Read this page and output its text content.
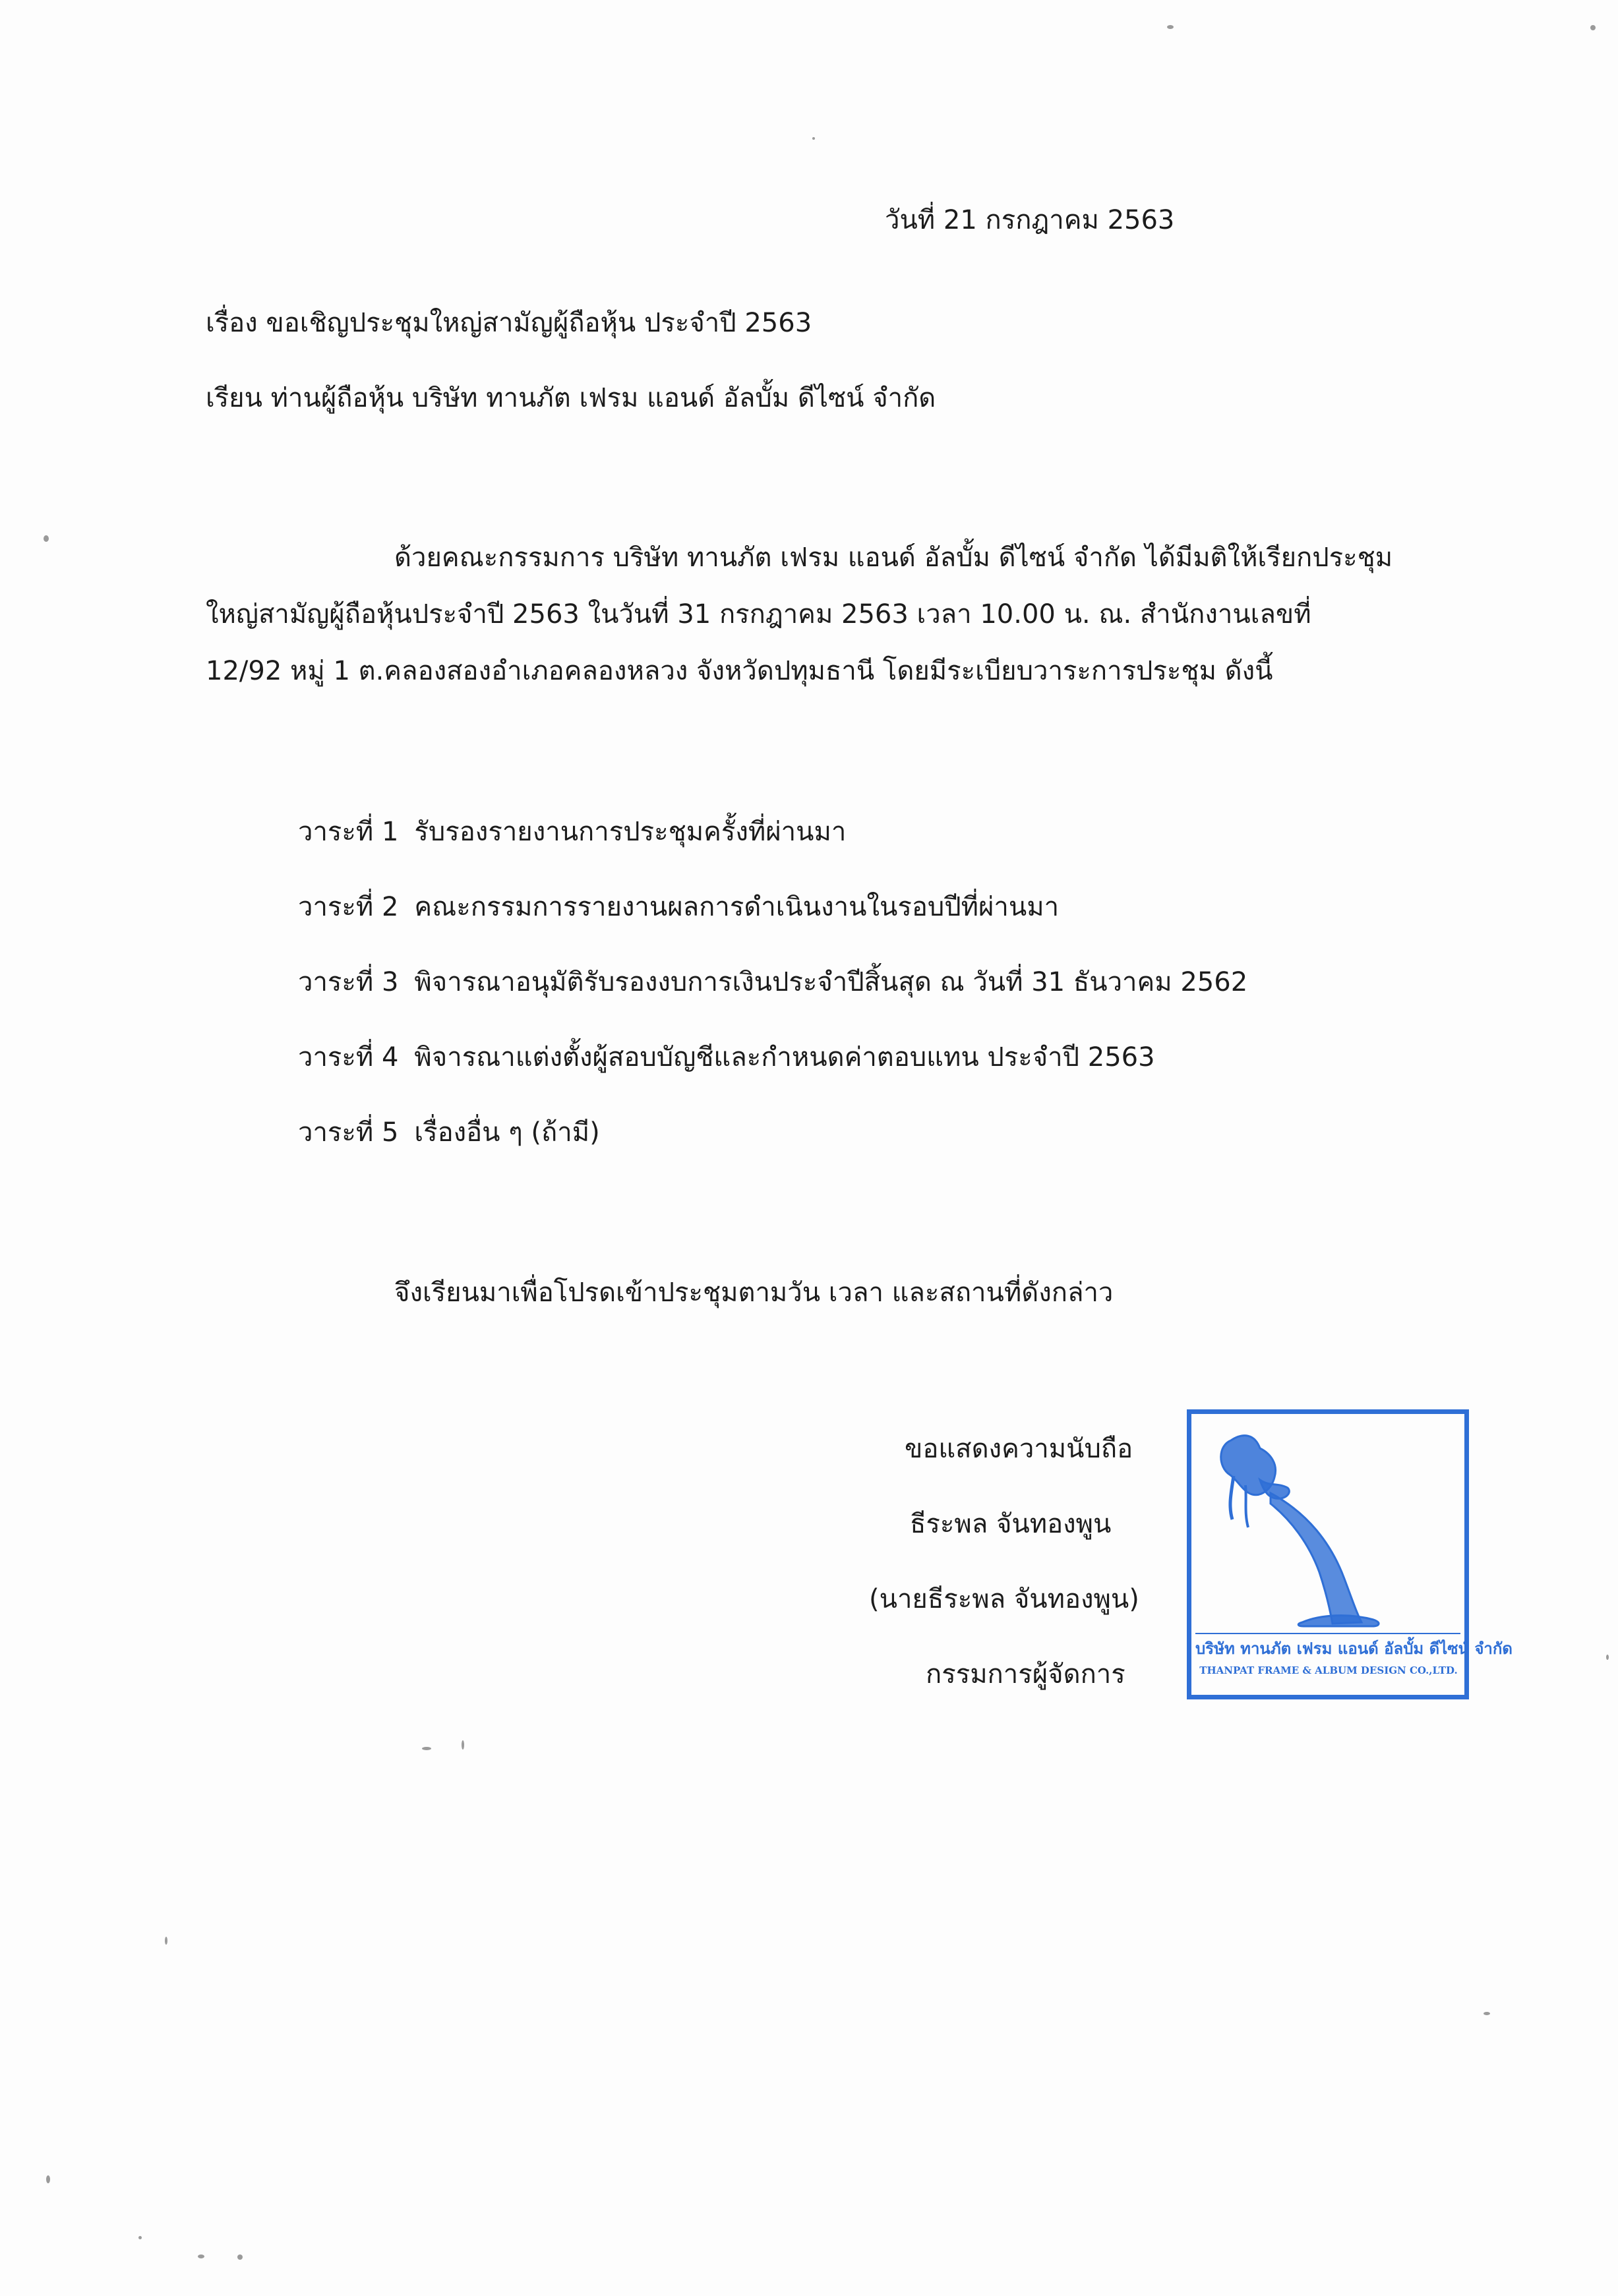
วันที่ 21 กรกฎาคม 2563
เรื่อง ขอเชิญประชุมใหญ่สามัญผู้ถือหุ้น ประจำปี 2563
เรียน ท่านผู้ถือหุ้น บริษัท ทานภัต เฟรม แอนด์ อัลบั้ม ดีไซน์ จำกัด
ด้วยคณะกรรมการ บริษัท ทานภัต เฟรม แอนด์ อัลบั้ม ดีไซน์ จำกัด ได้มีมติให้เรียกประชุม
ใหญ่สามัญผู้ถือหุ้นประจำปี 2563 ในวันที่ 31 กรกฎาคม 2563 เวลา 10.00 น. ณ. สำนักงานเลขที่
12/92 หมู่ 1 ต.คลองสองอำเภอคลองหลวง จังหวัดปทุมธานี โดยมีระเบียบวาระการประชุม ดังนี้
วาระที่ 1 รับรองรายงานการประชุมครั้งที่ผ่านมา
วาระที่ 2 คณะกรรมการรายงานผลการดำเนินงานในรอบปีที่ผ่านมา
วาระที่ 3 พิจารณาอนุมัติรับรองงบการเงินประจำปีสิ้นสุด ณ วันที่ 31 ธันวาคม 2562
วาระที่ 4 พิจารณาแต่งตั้งผู้สอบบัญชีและกำหนดค่าตอบแทน ประจำปี 2563
วาระที่ 5 เรื่องอื่น ๆ (ถ้ามี)
จึงเรียนมาเพื่อโปรดเข้าประชุมตามวัน เวลา และสถานที่ดังกล่าว
ขอแสดงความนับถือ
ธีระพล จันทองพูน
(นายธีระพล จันทองพูน)
กรรมการผู้จัดการ
บริษัท ทานภัต เฟรม แอนด์ อัลบั้ม ดีไซน์ จำกัด
THANPAT FRAME & ALBUM DESIGN CO.,LTD.
